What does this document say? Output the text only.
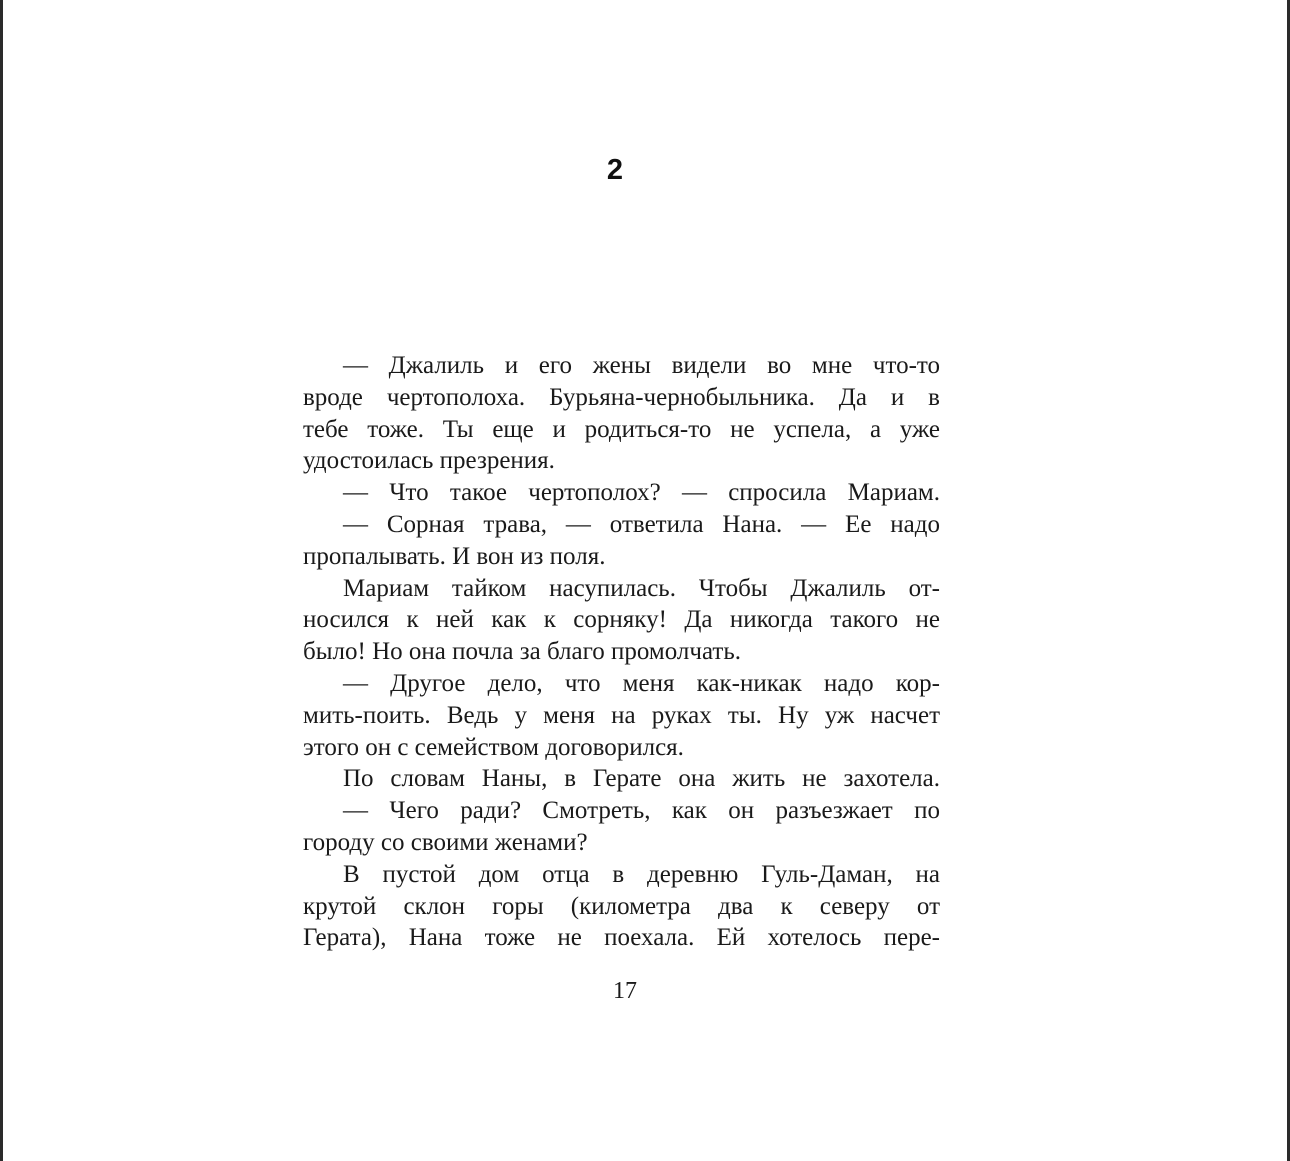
2
— Джалиль и его жены видели во мне что-то
вроде чертополоха. Бурьяна-чернобыльника. Да и в
тебе тоже. Ты еще и родиться-то не успела, а уже
удостоилась презрения.
— Что такое чертополох? — спросила Мариам.
— Сорная трава, — ответила Нана. — Ее надо
пропалывать. И вон из поля.
Мариам тайком насупилась. Чтобы Джалиль от-
носился к ней как к сорняку! Да никогда такого не
было! Но она почла за благо промолчать.
— Другое дело, что меня как-никак надо кор-
мить-поить. Ведь у меня на руках ты. Ну уж насчет
этого он с семейством договорился.
По словам Наны, в Герате она жить не захотела.
— Чего ради? Смотреть, как он разъезжает по
городу со своими женами?
В пустой дом отца в деревню Гуль-Даман, на
крутой склон горы (километра два к северу от
Герата), Нана тоже не поехала. Ей хотелось пере-
17
